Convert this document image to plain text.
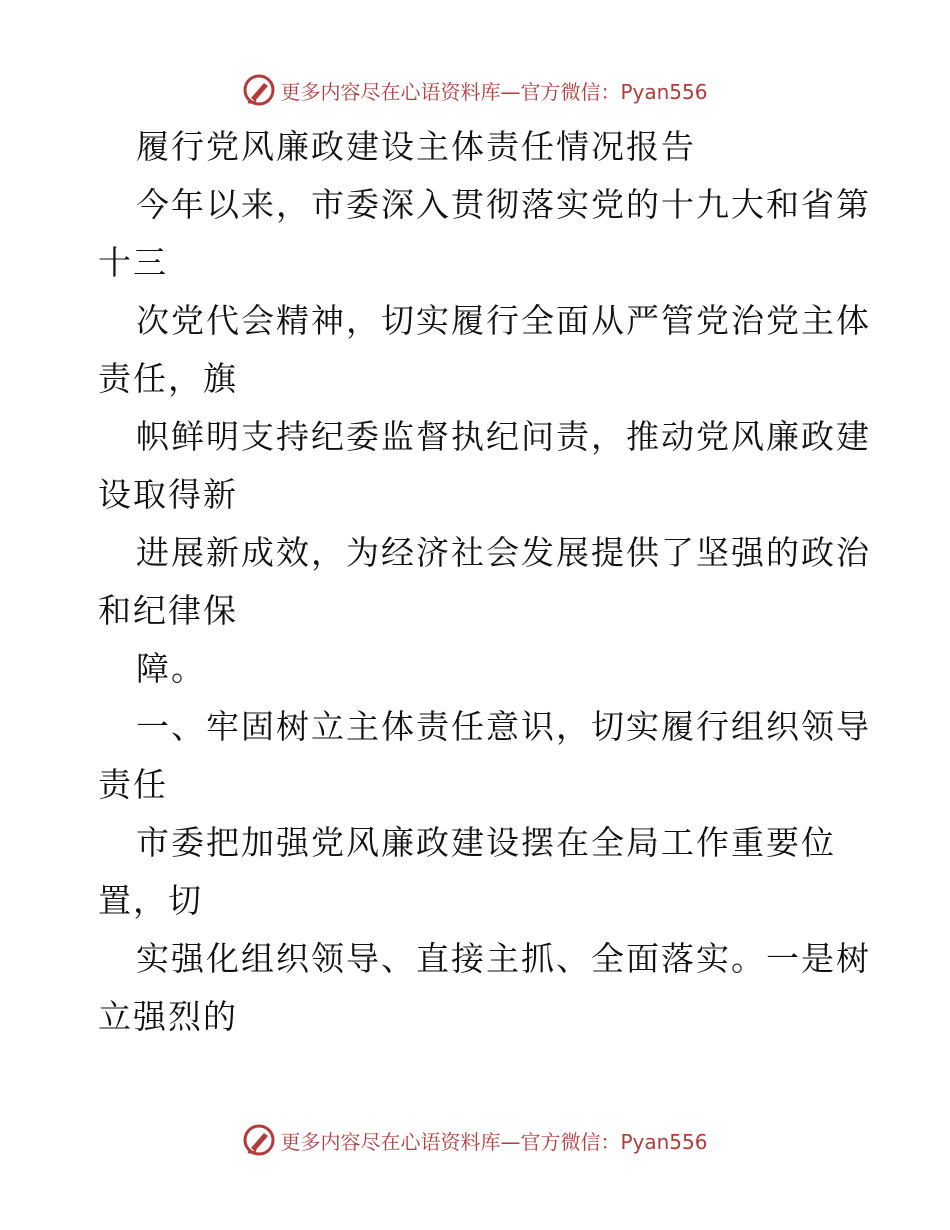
更多内容尽在心语资料库—官方微信：Pyan556
履行党风廉政建设主体责任情况报告
今年以来，市委深入贯彻落实党的十九大和省第
十三
次党代会精神，切实履行全面从严管党治党主体
责任，旗
帜鲜明支持纪委监督执纪问责，推动党风廉政建
设取得新
进展新成效，为经济社会发展提供了坚强的政治
和纪律保
障。
一、牢固树立主体责任意识，切实履行组织领导
责任
市委把加强党风廉政建设摆在全局工作重要位
置，切
实强化组织领导、直接主抓、全面落实。一是树
立强烈的
更多内容尽在心语资料库—官方微信：Pyan556
